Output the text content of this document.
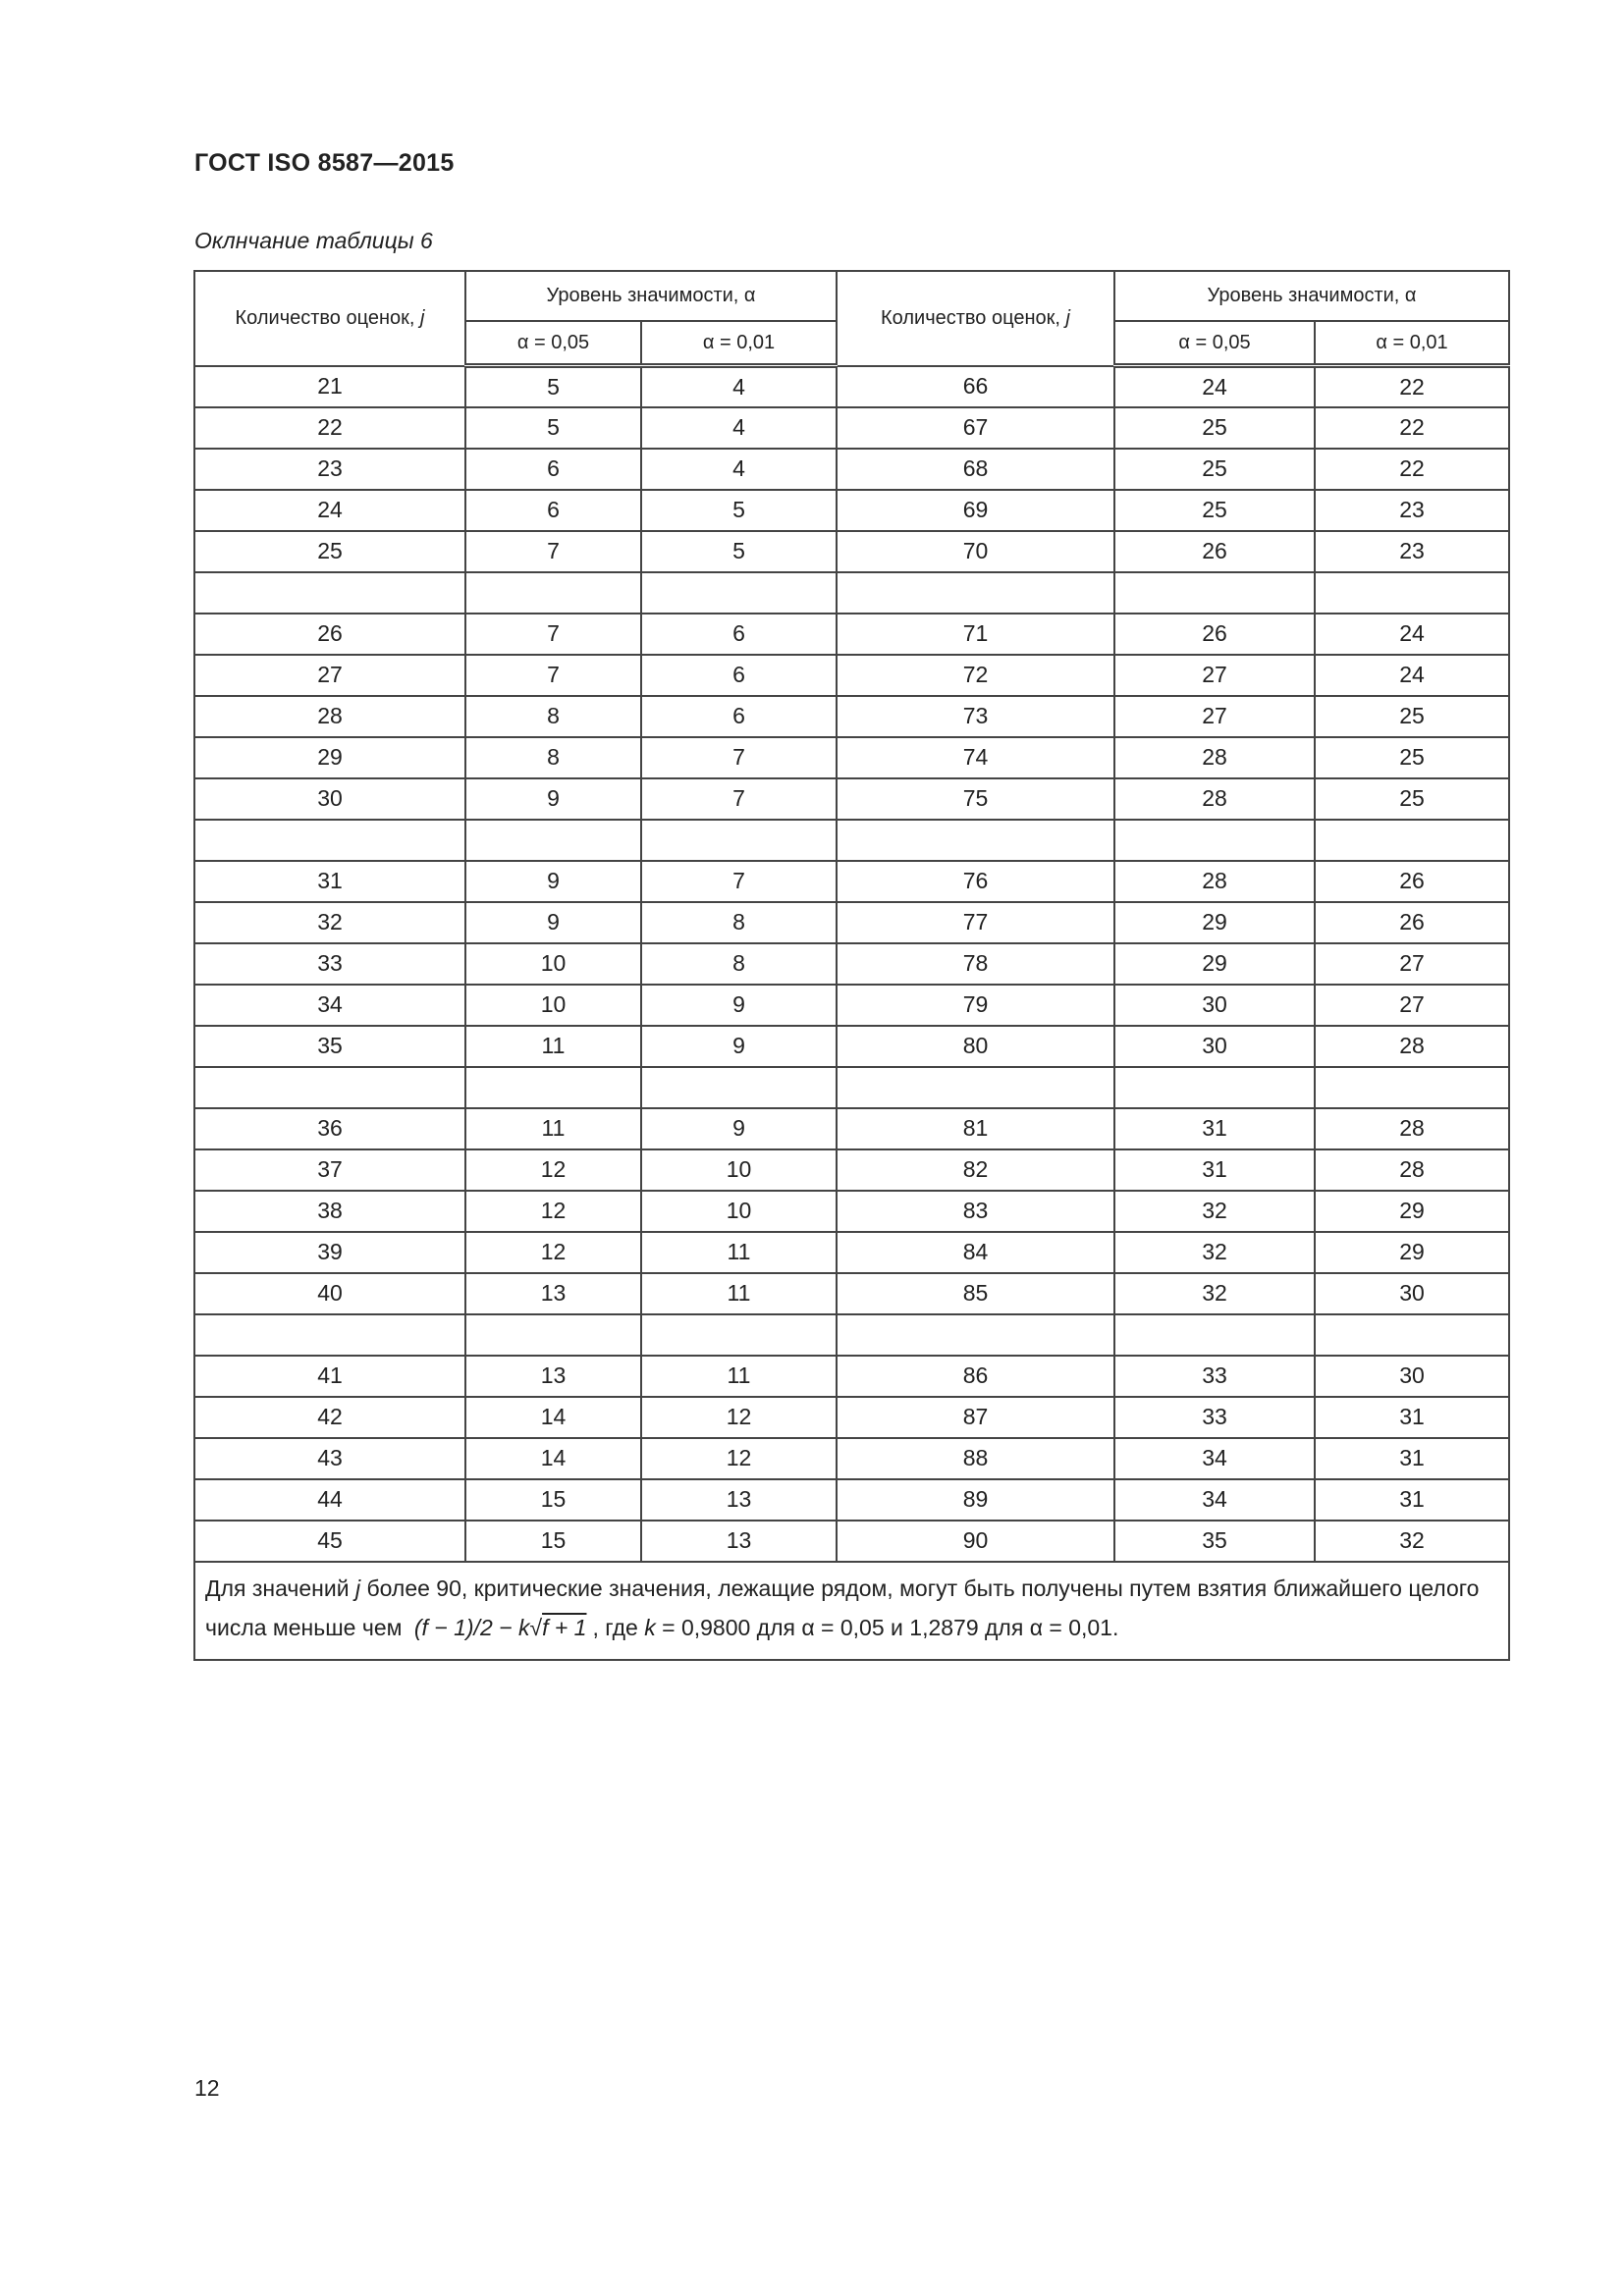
ГОСТ ISO 8587—2015
Оклнчание таблицы 6
Количество оценок, j	Уровень значимости, α		Количество оценок, j	Уровень значимости, α	
	α = 0,05	α = 0,01		α = 0,05	α = 0,01
21	5	4	66	24	22
22	5	4	67	25	22
23	6	4	68	25	22
24	6	5	69	25	23
25	7	5	70	26	23

26	7	6	71	26	24
27	7	6	72	27	24
28	8	6	73	27	25
29	8	7	74	28	25
30	9	7	75	28	25

31	9	7	76	28	26
32	9	8	77	29	26
33	10	8	78	29	27
34	10	9	79	30	27
35	11	9	80	30	28

36	11	9	81	31	28
37	12	10	82	31	28
38	12	10	83	32	29
39	12	11	84	32	29
40	13	11	85	32	30

41	13	11	86	33	30
42	14	12	87	33	31
43	14	12	88	34	31
44	15	13	89	34	31
45	15	13	90	35	32
Для значений j более 90, критические значения, лежащие рядом, могут быть получены путем взятия ближайшего целого числа меньше чем (f − 1)/2 − k√f + 1 , где k = 0,9800 для α = 0,05 и 1,2879 для α = 0,01.					
12
